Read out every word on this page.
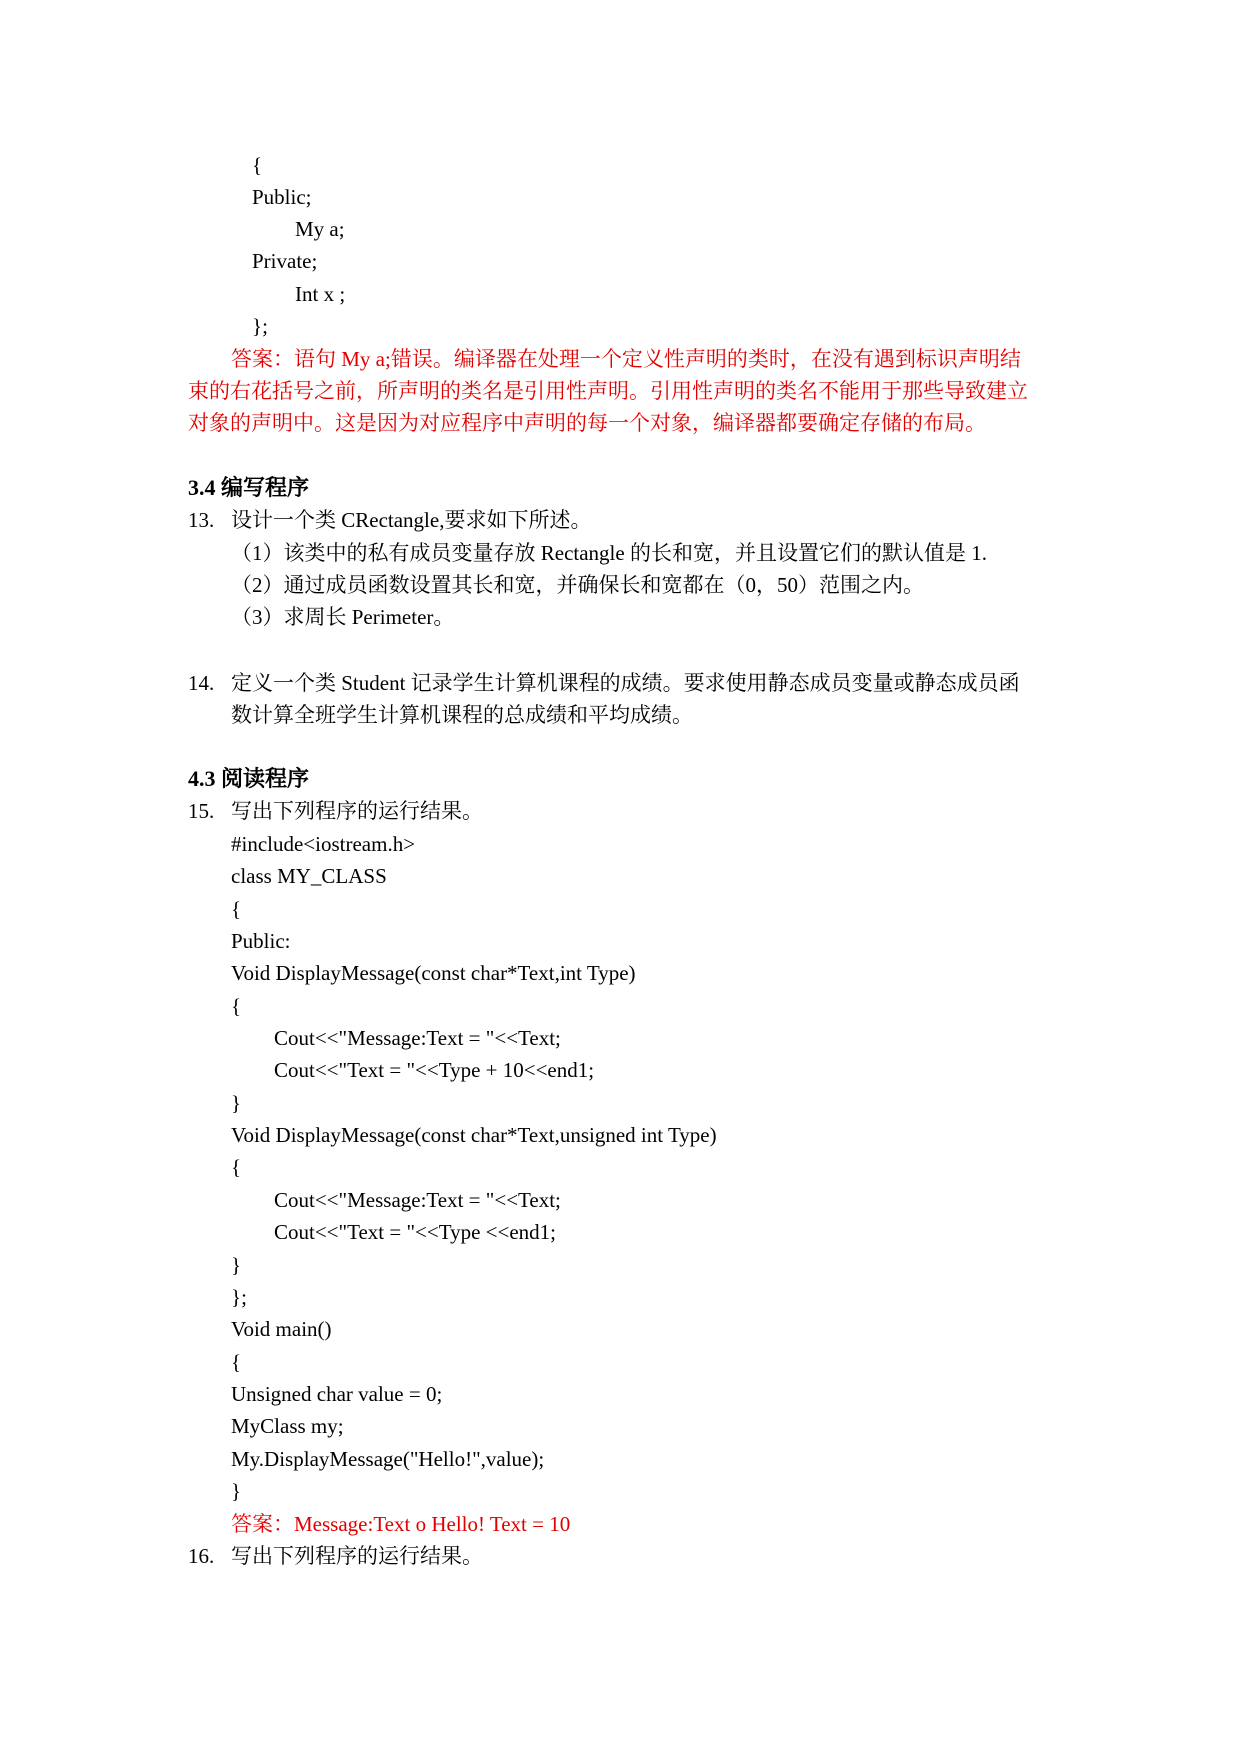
{
Public;
My a;
Private;
Int x ;
};
答案：语句 My a;错误。编译器在处理一个定义性声明的类时，在没有遇到标识声明结
束的右花括号之前，所声明的类名是引用性声明。引用性声明的类名不能用于那些导致建立
对象的声明中。这是因为对应程序中声明的每一个对象，编译器都要确定存储的布局。
3.4 编写程序
13. 设计一个类 CRectangle,要求如下所述。
（1）该类中的私有成员变量存放 Rectangle 的长和宽，并且设置它们的默认值是 1.
（2）通过成员函数设置其长和宽，并确保长和宽都在（0，50）范围之内。
（3）求周长 Perimeter。
14. 定义一个类 Student 记录学生计算机课程的成绩。要求使用静态成员变量或静态成员函
数计算全班学生计算机课程的总成绩和平均成绩。
4.3 阅读程序
15. 写出下列程序的运行结果。
#include<iostream.h>
class MY_CLASS
{
Public:
Void DisplayMessage(const char*Text,int Type)
{
Cout<<"Message:Text = "<<Text;
Cout<<"Text = "<<Type + 10<<end1;
}
Void DisplayMessage(const char*Text,unsigned int Type)
{
Cout<<"Message:Text = "<<Text;
Cout<<"Text = "<<Type <<end1;
}
};
Void main()
{
Unsigned char value = 0;
MyClass my;
My.DisplayMessage("Hello!",value);
}
答案：Message:Text o Hello! Text = 10
16. 写出下列程序的运行结果。
